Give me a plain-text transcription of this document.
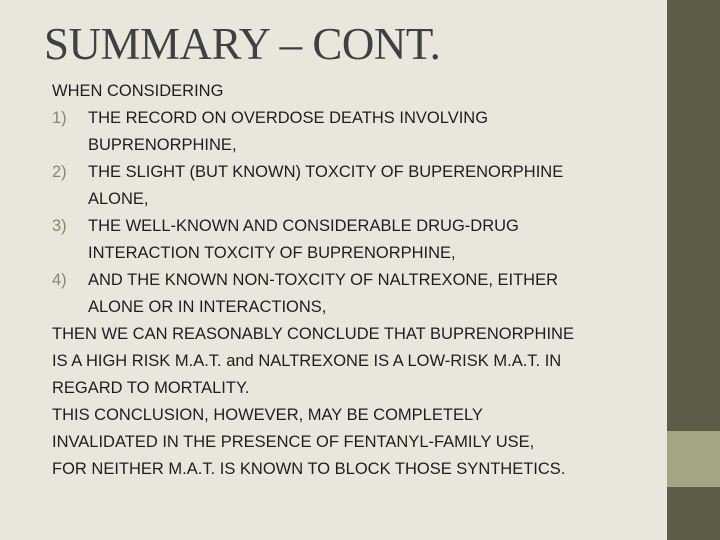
SUMMARY – CONT.
WHEN CONSIDERING
1) THE RECORD ON OVERDOSE DEATHS INVOLVING
BUPRENORPHINE,
2) THE SLIGHT (BUT KNOWN) TOXCITY OF BUPERENORPHINE
ALONE,
3) THE WELL-KNOWN AND CONSIDERABLE DRUG-DRUG
INTERACTION TOXCITY OF BUPRENORPHINE,
4) AND THE KNOWN NON-TOXCITY OF NALTREXONE, EITHER
ALONE OR IN INTERACTIONS,
THEN WE CAN REASONABLY CONCLUDE THAT BUPRENORPHINE
IS A HIGH RISK M.A.T. and NALTREXONE IS A LOW-RISK M.A.T. IN
REGARD TO MORTALITY.
THIS CONCLUSION, HOWEVER, MAY BE COMPLETELY
INVALIDATED IN THE PRESENCE OF FENTANYL-FAMILY USE,
FOR NEITHER M.A.T. IS KNOWN TO BLOCK THOSE SYNTHETICS.
